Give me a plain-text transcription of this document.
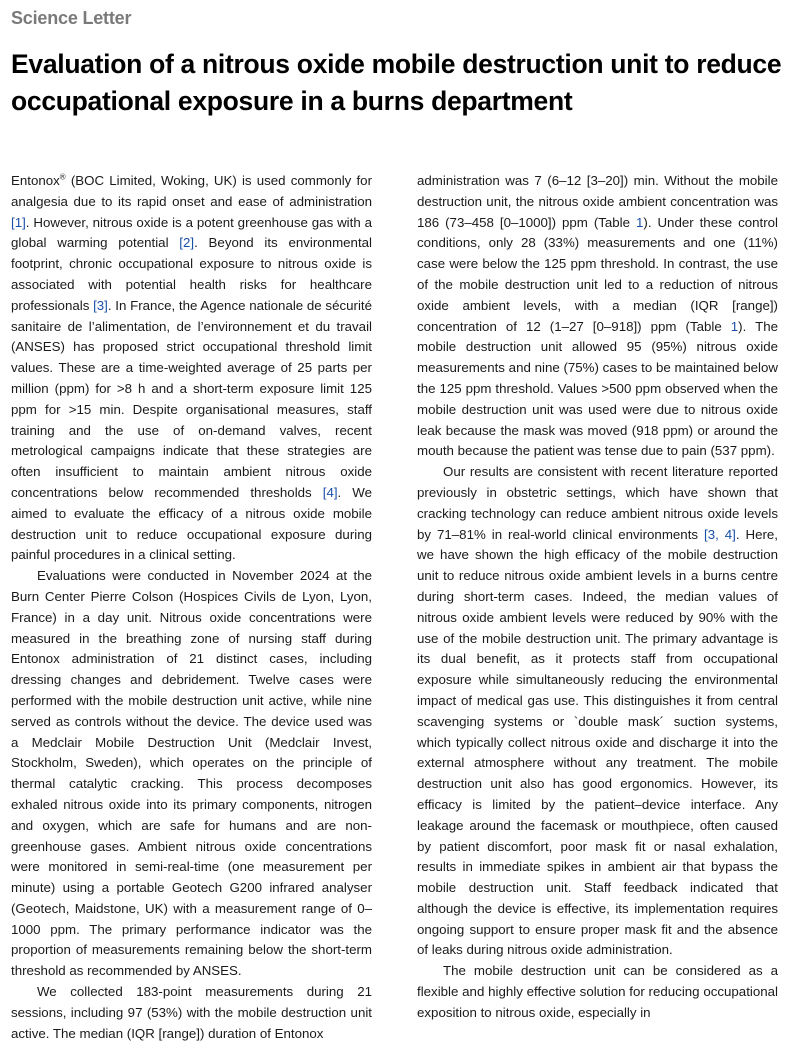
Science Letter
Evaluation of a nitrous oxide mobile destruction unit to reduce occupational exposure in a burns department

Entonox® (BOC Limited, Woking, UK) is used commonly for analgesia due to its rapid onset and ease of administration [1]. However, nitrous oxide is a potent greenhouse gas with a global warming potential [2]. Beyond its environmental footprint, chronic occupational exposure to nitrous oxide is associated with potential health risks for healthcare professionals [3]. In France, the Agence nationale de sécurité sanitaire de l’alimentation, de l’environnement et du travail (ANSES) has proposed strict occupational threshold limit values. These are a time-weighted average of 25 parts per million (ppm) for >8 h and a short-term exposure limit 125 ppm for >15 min. Despite organisational measures, staff training and the use of on-demand valves, recent metrological campaigns indicate that these strategies are often insufficient to maintain ambient nitrous oxide concentrations below recommended thresholds [4]. We aimed to evaluate the efficacy of a nitrous oxide mobile destruction unit to reduce occupational exposure during painful procedures in a clinical setting.

Evaluations were conducted in November 2024 at the Burn Center Pierre Colson (Hospices Civils de Lyon, Lyon, France) in a day unit. Nitrous oxide concentrations were measured in the breathing zone of nursing staff during Entonox administration of 21 distinct cases, including dressing changes and debridement. Twelve cases were performed with the mobile destruction unit active, while nine served as controls without the device. The device used was a Medclair Mobile Destruction Unit (Medclair Invest, Stockholm, Sweden), which operates on the principle of thermal catalytic cracking. This process decomposes exhaled nitrous oxide into its primary components, nitrogen and oxygen, which are safe for humans and are non-greenhouse gases. Ambient nitrous oxide concentrations were monitored in semi-real-time (one measurement per minute) using a portable Geotech G200 infrared analyser (Geotech, Maidstone, UK) with a measurement range of 0–1000 ppm. The primary performance indicator was the proportion of measurements remaining below the short-term threshold as recommended by ANSES.

We collected 183-point measurements during 21 sessions, including 97 (53%) with the mobile destruction unit active. The median (IQR [range]) duration of Entonox

administration was 7 (6–12 [3–20]) min. Without the mobile destruction unit, the nitrous oxide ambient concentration was 186 (73–458 [0–1000]) ppm (Table 1). Under these control conditions, only 28 (33%) measurements and one (11%) case were below the 125 ppm threshold. In contrast, the use of the mobile destruction unit led to a reduction of nitrous oxide ambient levels, with a median (IQR [range]) concentration of 12 (1–27 [0–918]) ppm (Table 1). The mobile destruction unit allowed 95 (95%) nitrous oxide measurements and nine (75%) cases to be maintained below the 125 ppm threshold. Values >500 ppm observed when the mobile destruction unit was used were due to nitrous oxide leak because the mask was moved (918 ppm) or around the mouth because the patient was tense due to pain (537 ppm).

Our results are consistent with recent literature reported previously in obstetric settings, which have shown that cracking technology can reduce ambient nitrous oxide levels by 71–81% in real-world clinical environments [3, 4]. Here, we have shown the high efficacy of the mobile destruction unit to reduce nitrous oxide ambient levels in a burns centre during short-term cases. Indeed, the median values of nitrous oxide ambient levels were reduced by 90% with the use of the mobile destruction unit. The primary advantage is its dual benefit, as it protects staff from occupational exposure while simultaneously reducing the environmental impact of medical gas use. This distinguishes it from central scavenging systems or `double mask´ suction systems, which typically collect nitrous oxide and discharge it into the external atmosphere without any treatment. The mobile destruction unit also has good ergonomics. However, its efficacy is limited by the patient–device interface. Any leakage around the facemask or mouthpiece, often caused by patient discomfort, poor mask fit or nasal exhalation, results in immediate spikes in ambient air that bypass the mobile destruction unit. Staff feedback indicated that although the device is effective, its implementation requires ongoing support to ensure proper mask fit and the absence of leaks during nitrous oxide administration.

The mobile destruction unit can be considered as a flexible and highly effective solution for reducing occupational exposition to nitrous oxide, especially in
